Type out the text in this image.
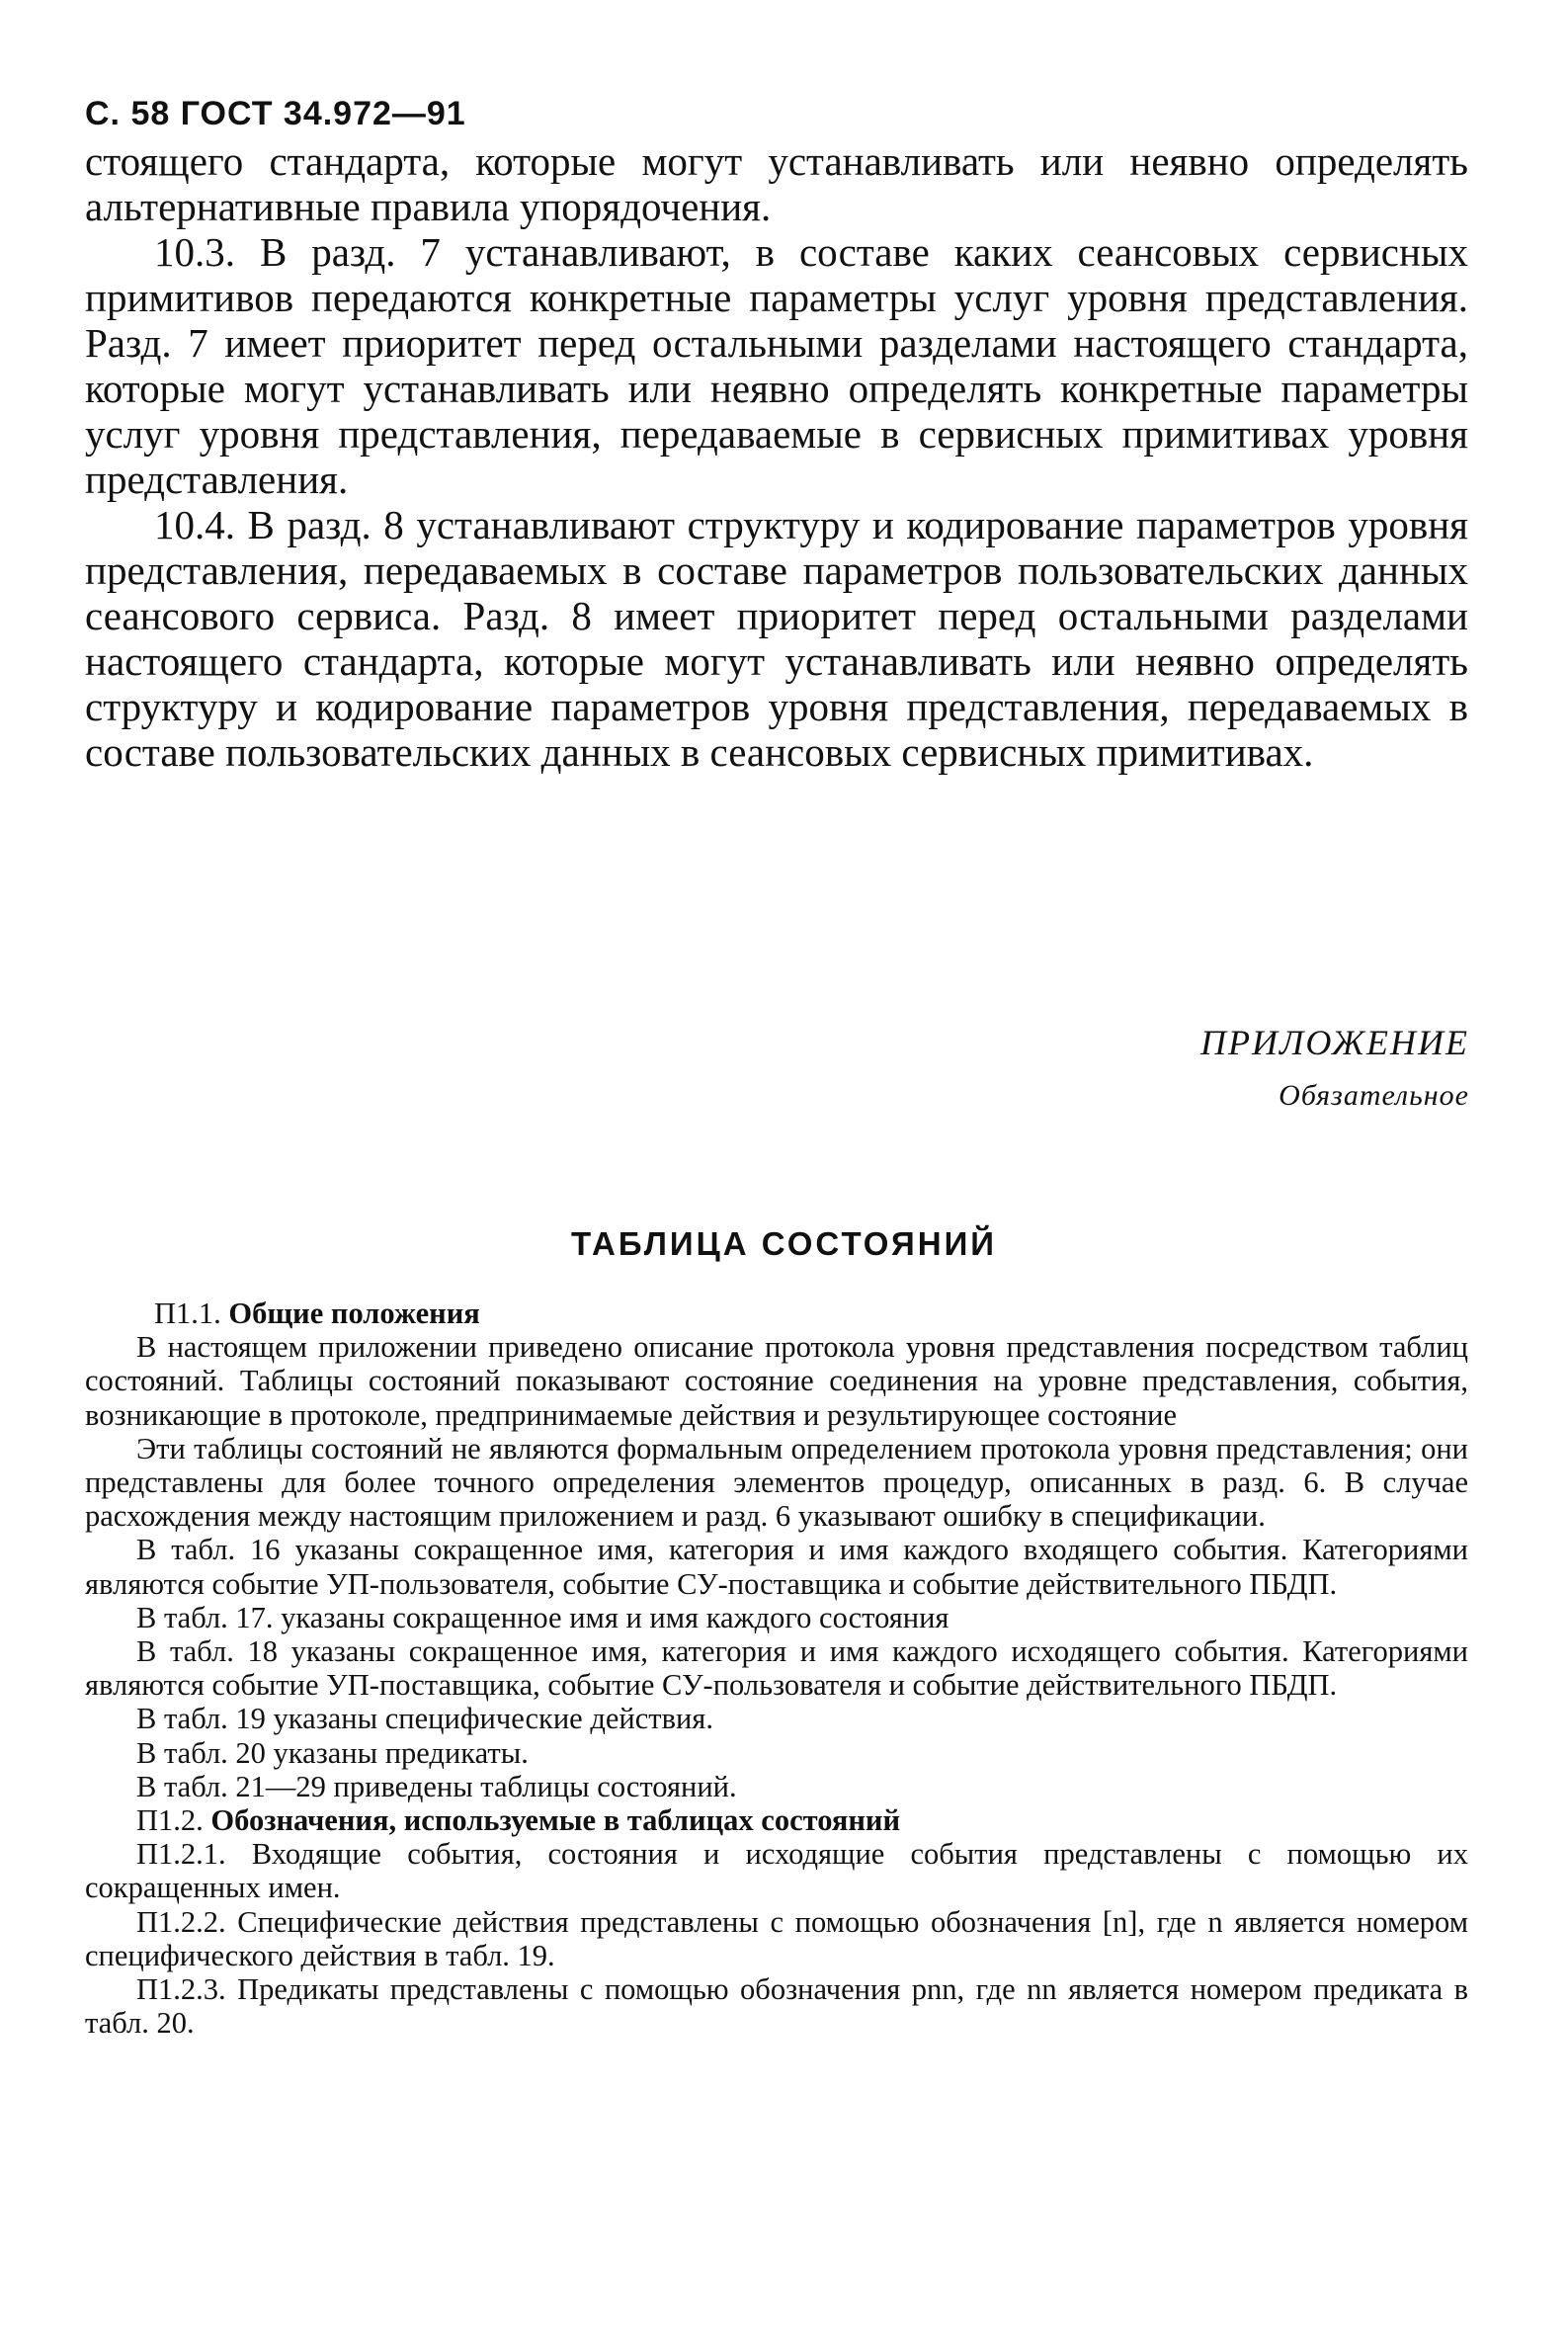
С. 58 ГОСТ 34.972—91

стоящего стандарта, которые могут устанавливать или неявно определять альтернативные правила упорядочения.

10.3. В разд. 7 устанавливают, в составе каких сеансовых сервисных примитивов передаются конкретные параметры услуг уровня представления. Разд. 7 имеет приоритет перед остальными разделами настоящего стандарта, которые могут устанавливать или неявно определять конкретные параметры услуг уровня представления, передаваемые в сервисных примитивах уровня представления.

10.4. В разд. 8 устанавливают структуру и кодирование параметров уровня представления, передаваемых в составе параметров пользовательских данных сеансового сервиса. Разд. 8 имеет приоритет перед остальными разделами настоящего стандарта, которые могут устанавливать или неявно определять структуру и кодирование параметров уровня представления, передаваемых в составе пользовательских данных в сеансовых сервисных примитивах.

ПРИЛОЖЕНИЕ
Обязательное
ТАБЛИЦА СОСТОЯНИЙ

П1.1. Общие положения

В настоящем приложении приведено описание протокола уровня представления посредством таблиц состояний. Таблицы состояний показывают состояние соединения на уровне представления, события, возникающие в протоколе, предпринимаемые действия и результирующее состояние

Эти таблицы состояний не являются формальным определением протокола уровня представления; они представлены для более точного определения элементов процедур, описанных в разд. 6. В случае расхождения между настоящим приложением и разд. 6 указывают ошибку в спецификации.

В табл. 16 указаны сокращенное имя, категория и имя каждого входящего события. Категориями являются событие УП-пользователя, событие СУ-поставщика и событие действительного ПБДП.

В табл. 17. указаны сокращенное имя и имя каждого состояния

В табл. 18 указаны сокращенное имя, категория и имя каждого исходящего события. Категориями являются событие УП-поставщика, событие СУ-пользователя и событие действительного ПБДП.

В табл. 19 указаны специфические действия.

В табл. 20 указаны предикаты.

В табл. 21—29 приведены таблицы состояний.

П1.2. Обозначения, используемые в таблицах состояний

П1.2.1. Входящие события, состояния и исходящие события представлены с помощью их сокращенных имен.

П1.2.2. Специфические действия представлены с помощью обозначения [n], где n является номером специфического действия в табл. 19.

П1.2.3. Предикаты представлены с помощью обозначения pnn, где nn является номером предиката в табл. 20.
